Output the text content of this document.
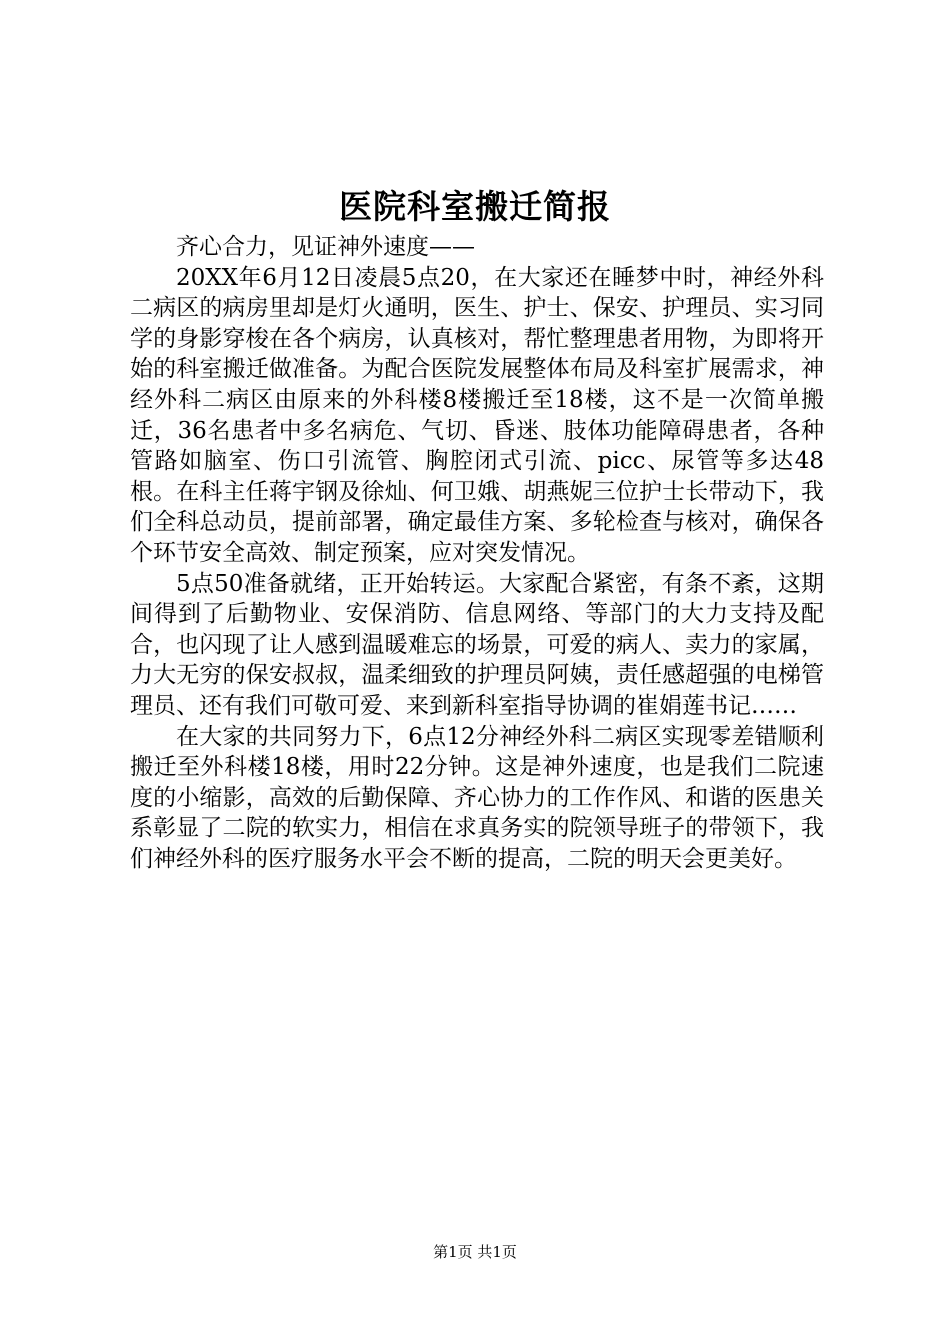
医院科室搬迁简报

齐心合力，见证神外速度——

20XX年6月12日凌晨5点20，在大家还在睡梦中时，神经外科二病区的病房里却是灯火通明，医生、护士、保安、护理员、实习同学的身影穿梭在各个病房，认真核对，帮忙整理患者用物，为即将开始的科室搬迁做准备。为配合医院发展整体布局及科室扩展需求，神经外科二病区由原来的外科楼8楼搬迁至18楼，这不是一次简单搬迁，36名患者中多名病危、气切、昏迷、肢体功能障碍患者，各种管路如脑室、伤口引流管、胸腔闭式引流、picc、尿管等多达48根。在科主任蒋宇钢及徐灿、何卫娥、胡燕妮三位护士长带动下，我们全科总动员，提前部署，确定最佳方案、多轮检查与核对，确保各个环节安全高效、制定预案，应对突发情况。

5点50准备就绪，正开始转运。大家配合紧密，有条不紊，这期间得到了后勤物业、安保消防、信息网络、等部门的大力支持及配合，也闪现了让人感到温暖难忘的场景，可爱的病人、卖力的家属，力大无穷的保安叔叔，温柔细致的护理员阿姨，责任感超强的电梯管理员、还有我们可敬可爱、来到新科室指导协调的崔娟莲书记……

在大家的共同努力下，6点12分神经外科二病区实现零差错顺利搬迁至外科楼18楼，用时22分钟。这是神外速度，也是我们二院速度的小缩影，高效的后勤保障、齐心协力的工作作风、和谐的医患关系彰显了二院的软实力，相信在求真务实的院领导班子的带领下，我们神经外科的医疗服务水平会不断的提高，二院的明天会更美好。

第1页 共1页
